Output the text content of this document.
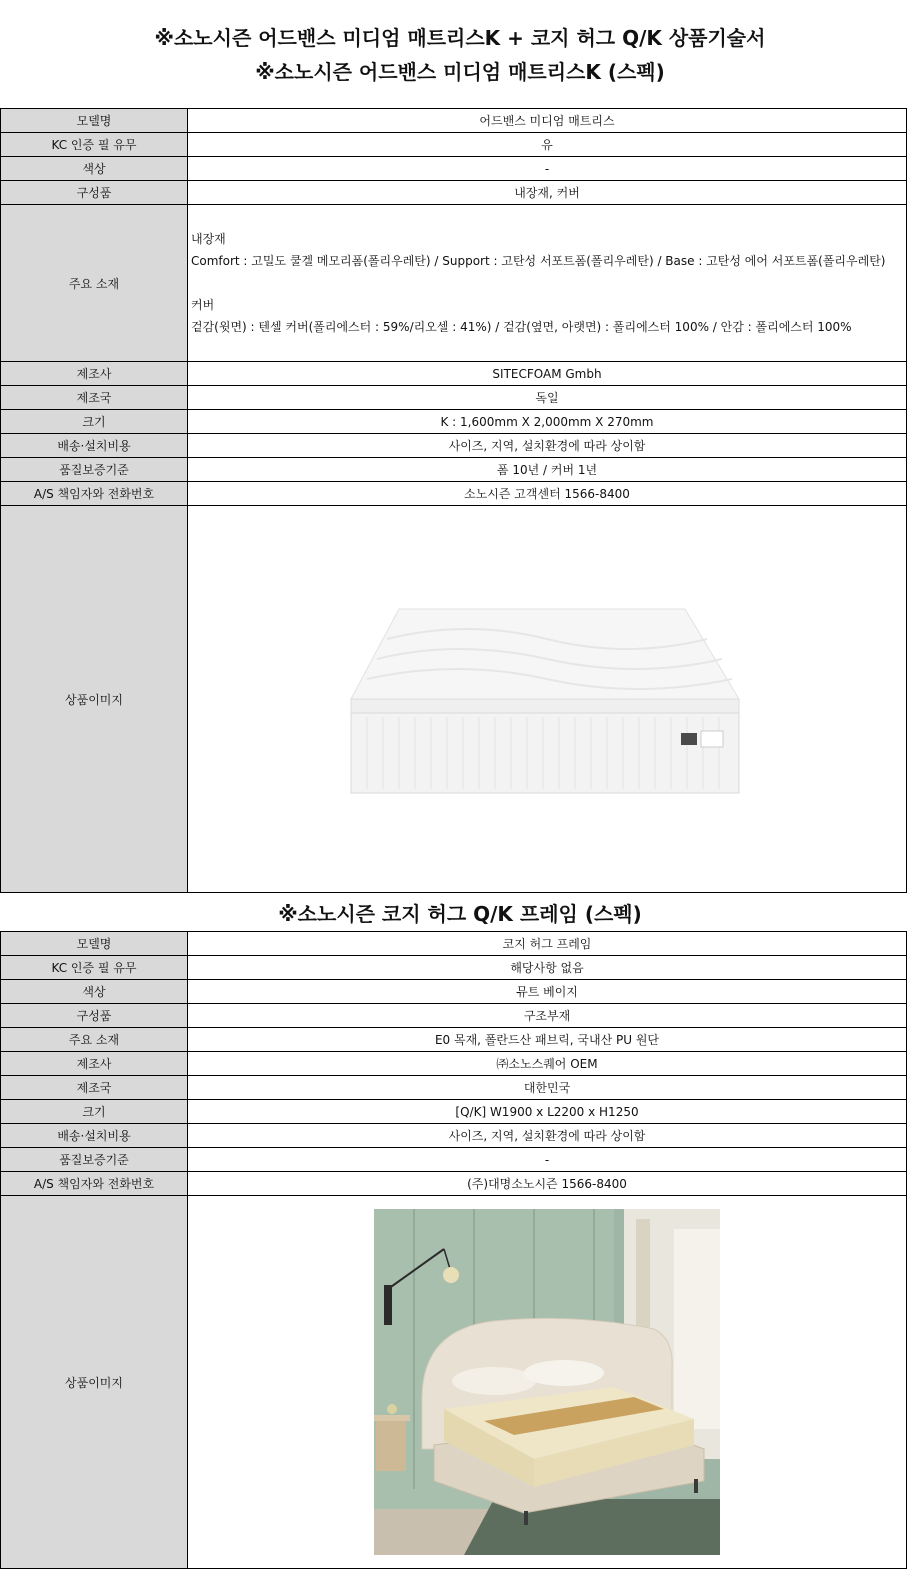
※소노시즌 어드밴스 미디엄 매트리스K + 코지 허그 Q/K 상품기술서
※소노시즌 어드밴스 미디엄 매트리스K (스펙)
모델명	어드밴스 미디엄 매트리스
KC 인증 필 유무	유
색상	-
구성품	내장재, 커버
주요 소재	내장재
Comfort : 고밀도 쿨겔 메모리폼(폴리우레탄) / Support : 고탄성 서포트폼(폴리우레탄) / Base : 고탄성 에어 서포트폼(폴리우레탄)
커버
겉감(윗면) : 텐셀 커버(폴리에스터 : 59%/리오셀 : 41%) / 겉감(옆면, 아랫면) : 폴리에스터 100% / 안감 : 폴리에스터 100%

제조사	SITECFOAM Gmbh
제조국	독일
크기	K : 1,600mm X 2,000mm X 270mm
배송·설치비용	사이즈, 지역, 설치환경에 따라 상이함
품질보증기준	폼 10년 / 커버 1년
A/S 책임자와 전화번호	소노시즌 고객센터 1566-8400
상품이미지	
※소노시즌 코지 허그 Q/K 프레임 (스펙)
모델명	코지 허그 프레임
KC 인증 필 유무	해당사항 없음
색상	뮤트 베이지
구성품	구조부재
주요 소재	E0 목재, 폴란드산 패브릭, 국내산 PU 원단
제조사	㈜소노스퀘어 OEM
제조국	대한민국
크기	[Q/K] W1900 x L2200 x H1250
배송·설치비용	사이즈, 지역, 설치환경에 따라 상이함
품질보증기준	-
A/S 책임자와 전화번호	(주)대명소노시즌 1566-8400
상품이미지	
